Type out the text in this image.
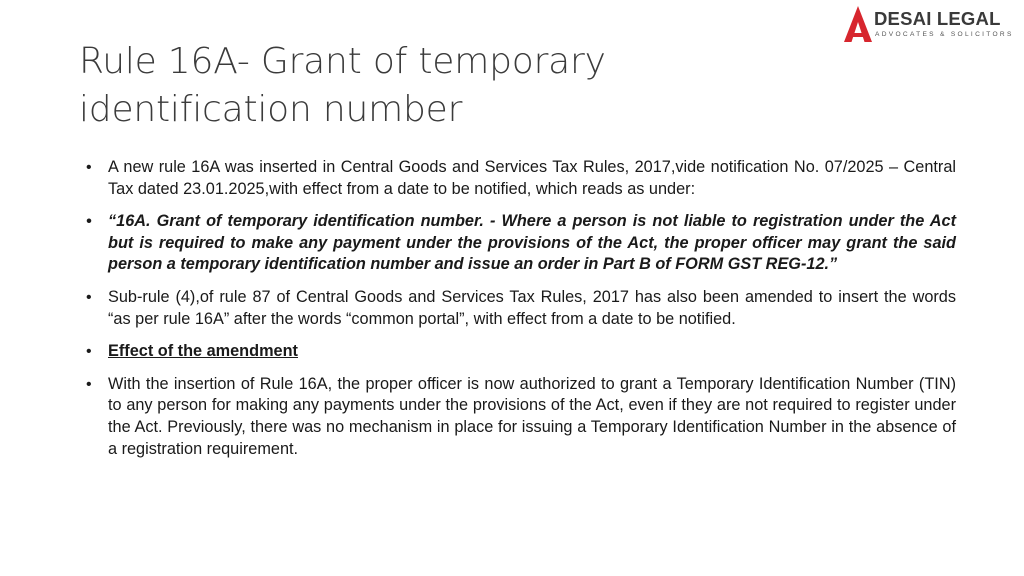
DESAI LEGAL
ADVOCATES & SOLICITORS
Rule 16A- Grant of temporary identification number
• A new rule 16A was inserted in Central Goods and Services Tax Rules, 2017,vide notification No. 07/2025 – Central Tax dated 23.01.2025,with effect from a date to be notified, which reads as under:
• “16A. Grant of temporary identification number. - Where a person is not liable to registration under the Act but is required to make any payment under the provisions of the Act, the proper officer may grant the said person a temporary identification number and issue an order in Part B of FORM GST REG-12.”
• Sub-rule (4),of rule 87 of Central Goods and Services Tax Rules, 2017 has also been amended to insert the words “as per rule 16A” after the words “common portal”, with effect from a date to be notified.
• Effect of the amendment
• With the insertion of Rule 16A, the proper officer is now authorized to grant a Temporary Identification Number (TIN) to any person for making any payments under the provisions of the Act, even if they are not required to register under the Act. Previously, there was no mechanism in place for issuing a Temporary Identification Number in the absence of a registration requirement.
